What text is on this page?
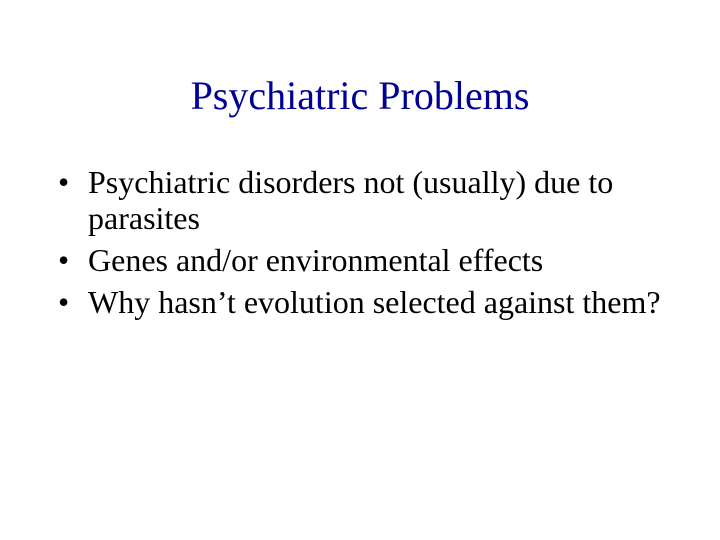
Psychiatric Problems
• Psychiatric disorders not (usually) due to parasites
• Genes and/or environmental effects
• Why hasn’t evolution selected against them?
